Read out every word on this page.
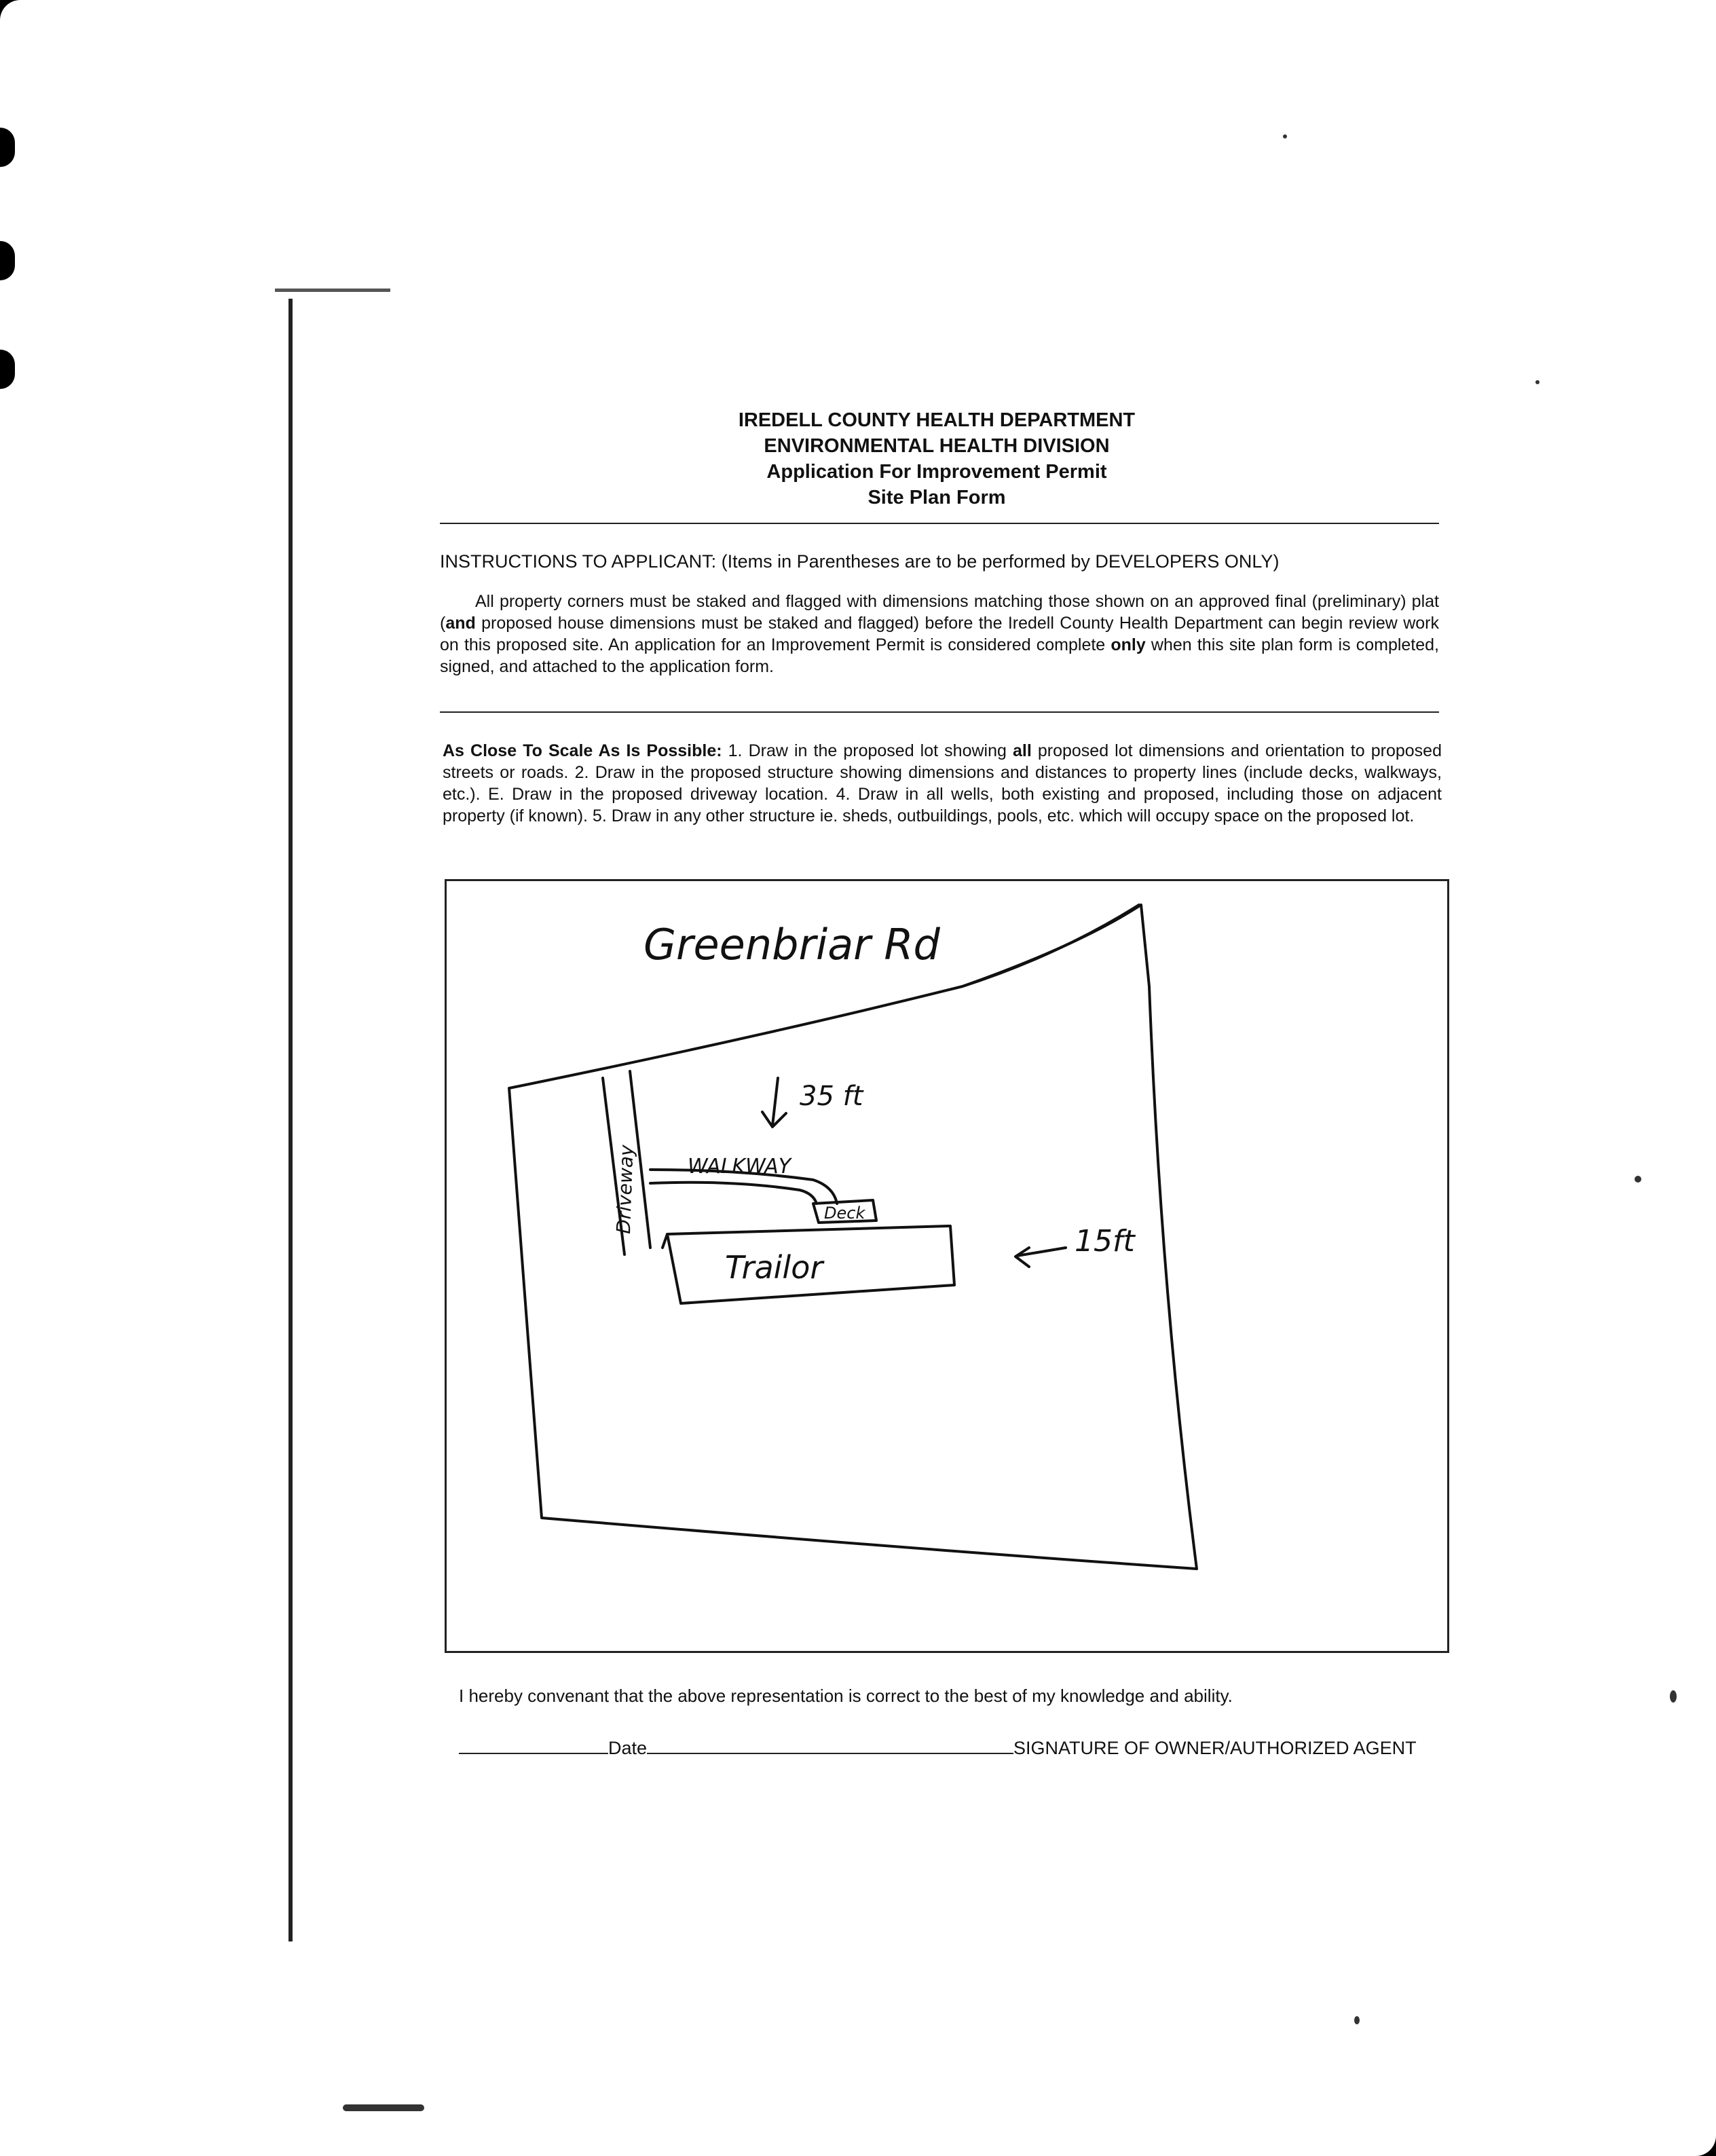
IREDELL COUNTY HEALTH DEPARTMENT
ENVIRONMENTAL HEALTH DIVISION
Application For Improvement Permit
Site Plan Form
INSTRUCTIONS TO APPLICANT: (Items in Parentheses are to be performed by DEVELOPERS ONLY)
All property corners must be staked and flagged with dimensions matching those shown on an approved final (preliminary) plat (and proposed house dimensions must be staked and flagged) before the Iredell County Health Department can begin review work on this proposed site. An application for an Improvement Permit is considered complete only when this site plan form is completed, signed, and attached to the application form.
As Close To Scale As Is Possible: 1. Draw in the proposed lot showing all proposed lot dimensions and orientation to proposed streets or roads. 2. Draw in the proposed structure showing dimensions and distances to property lines (include decks, walkways, etc.). E. Draw in the proposed driveway location. 4. Draw in all wells, both existing and proposed, including those on adjacent property (if known). 5. Draw in any other structure ie. sheds, outbuildings, pools, etc. which will occupy space on the proposed lot.
Greenbriar Rd
Driveway WALKWAY
Deck
Trailor
35 ft
15ft
I hereby convenant that the above representation is correct to the best of my knowledge and ability.
Date	SIGNATURE OF OWNER/AUTHORIZED AGENT
